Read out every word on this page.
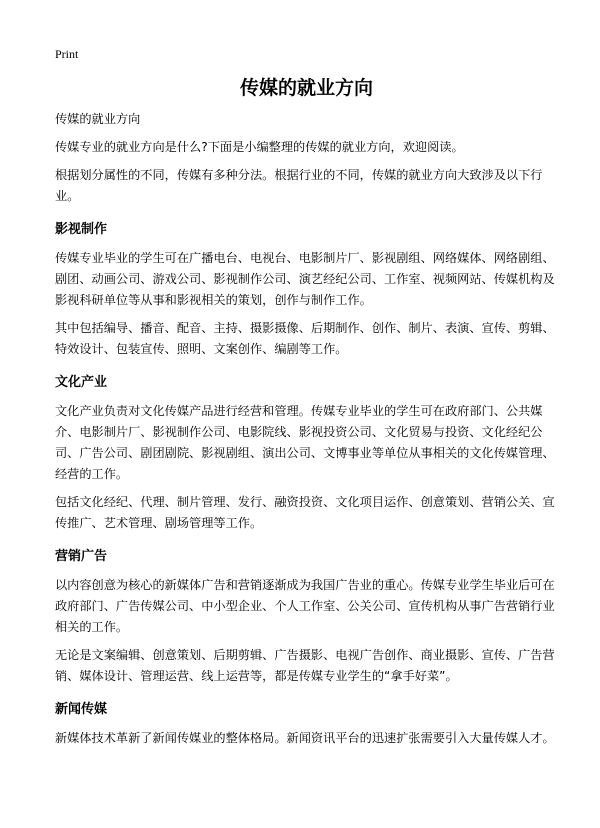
Print
传媒的就业方向

传媒的就业方向

传媒专业的就业方向是什么?下面是小编整理的传媒的就业方向，欢迎阅读。

根据划分属性的不同，传媒有多种分法。根据行业的不同，传媒的就业方向大致涉及以下行业。

影视制作

传媒专业毕业的学生可在广播电台、电视台、电影制片厂、影视剧组、网络媒体、网络剧组、剧团、动画公司、游戏公司、影视制作公司、演艺经纪公司、工作室、视频网站、传媒机构及影视科研单位等从事和影视相关的策划，创作与制作工作。

其中包括编导、播音、配音、主持、摄影摄像、后期制作、创作、制片、表演、宣传、剪辑、特效设计、包装宣传、照明、文案创作、编剧等工作。

文化产业

文化产业负责对文化传媒产品进行经营和管理。传媒专业毕业的学生可在政府部门、公共媒介、电影制片厂、影视制作公司、电影院线、影视投资公司、文化贸易与投资、文化经纪公司、广告公司、剧团剧院、影视剧组、演出公司、文博事业等单位从事相关的文化传媒管理、经营的工作。

包括文化经纪、代理、制片管理、发行、融资投资、文化项目运作、创意策划、营销公关、宣传推广、艺术管理、剧场管理等工作。

营销广告

以内容创意为核心的新媒体广告和营销逐渐成为我国广告业的重心。传媒专业学生毕业后可在政府部门、广告传媒公司、中小型企业、个人工作室、公关公司、宣传机构从事广告营销行业相关的工作。

无论是文案编辑、创意策划、后期剪辑、广告摄影、电视广告创作、商业摄影、宣传、广告营销、媒体设计、管理运营、线上运营等，都是传媒专业学生的“拿手好菜”。

新闻传媒

新媒体技术革新了新闻传媒业的整体格局。新闻资讯平台的迅速扩张需要引入大量传媒人才。
